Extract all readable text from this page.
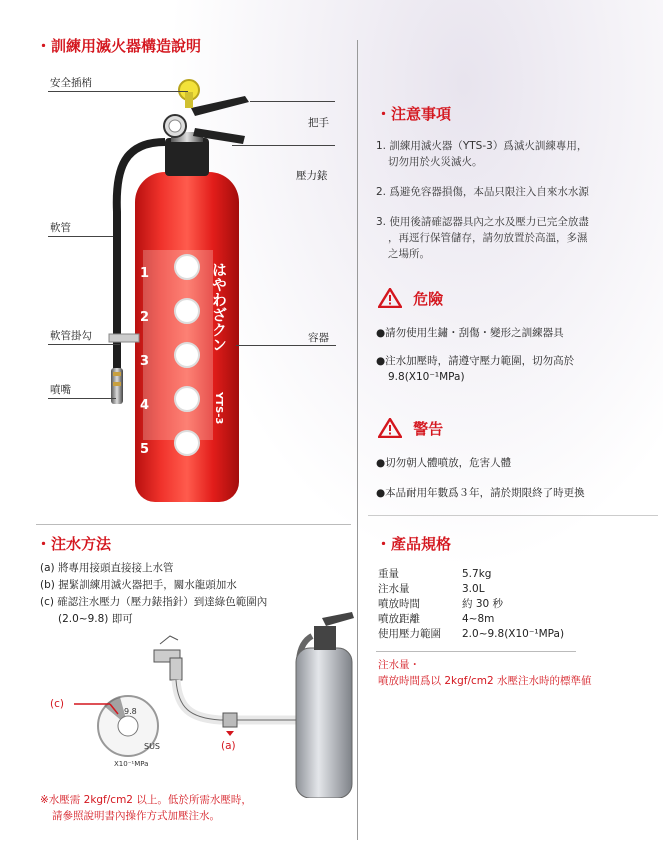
・訓練用滅火器構造說明
1
2
3
4
5
はやわざクン
YTS-3
安全插梢
把手
壓力錶
軟管
軟管掛勾	容器
噴嘴
・注意事項
1. 訓練用滅火器（YTS-3）爲滅火訓練專用，
切勿用於火災滅火。
2. 爲避免容器損傷，本品只限注入自來水水源
3. 使用後請確認器具內之水及壓力已完全放盡
，再逕行保管儲存，請勿放置於高溫，多濕
之場所。
危險
●請勿使用生鏽・刮傷・變形之訓練器具
●注水加壓時，請遵守壓力範圍，切勿高於
9.8(X10⁻¹MPa)
警告
●切勿朝人體噴放，危害人體
●本品耐用年數爲３年，請於期限終了時更換
・注水方法
(a) 將專用接頭直接接上水管
(b) 握緊訓練用滅火器把手，關水龍頭加水
(c) 確認注水壓力（壓力錶指針）到達綠色範圍內
(2.0~9.8) 即可
(c)
9.8
SUS
X10⁻¹MPa
(a)
※水壓需 2kgf/cm2 以上。低於所需水壓時，
請參照說明書內操作方式加壓注水。
・產品規格
重量	5.7kg
注水量	3.0L
噴放時間	約 30 秒
噴放距離	4~8m
使用壓力範圍	2.0~9.8(X10⁻¹MPa)
注水量・
噴放時間爲以 2kgf/cm2 水壓注水時的標準値
